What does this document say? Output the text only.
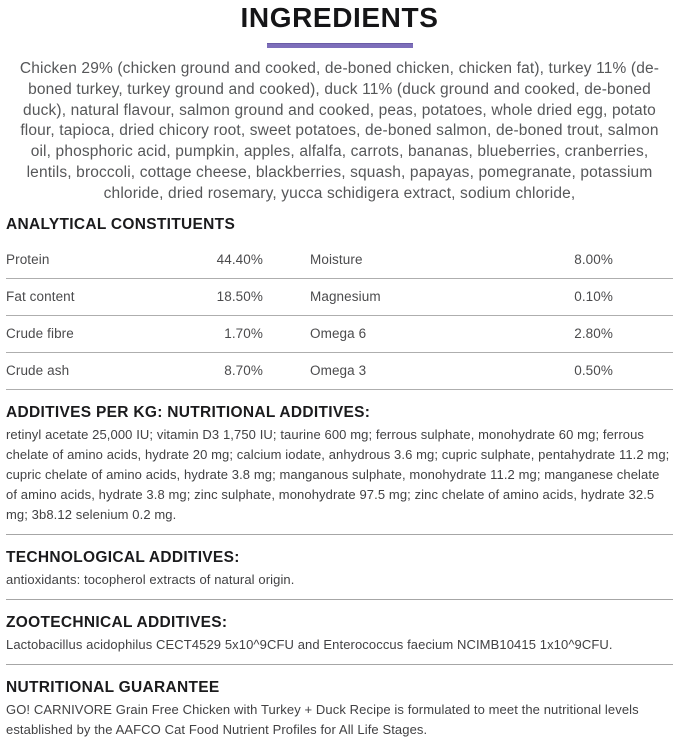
INGREDIENTS

Chicken 29% (chicken ground and cooked, de-boned chicken, chicken fat), turkey 11% (de-boned turkey, turkey ground and cooked), duck 11% (duck ground and cooked, de-boned duck), natural flavour, salmon ground and cooked, peas, potatoes, whole dried egg, potato flour, tapioca, dried chicory root, sweet potatoes, de-boned salmon, de-boned trout, salmon oil, phosphoric acid, pumpkin, apples, alfalfa, carrots, bananas, blueberries, cranberries, lentils, broccoli, cottage cheese, blackberries, squash, papayas, pomegranate, potassium chloride, dried rosemary, yucca schidigera extract, sodium chloride,

ANALYTICAL CONSTITUENTS
Protein	44.40%	Moisture	8.00%
Fat content	18.50%	Magnesium	0.10%
Crude fibre	1.70%	Omega 6	2.80%
Crude ash	8.70%	Omega 3	0.50%
ADDITIVES PER KG: NUTRITIONAL ADDITIVES:

retinyl acetate 25,000 IU; vitamin D3 1,750 IU; taurine 600 mg; ferrous sulphate, monohydrate 60 mg; ferrous chelate of amino acids, hydrate 20 mg; calcium iodate, anhydrous 3.6 mg; cupric sulphate, pentahydrate 11.2 mg; cupric chelate of amino acids, hydrate 3.8 mg; manganous sulphate, monohydrate 11.2 mg; manganese chelate of amino acids, hydrate 3.8 mg; zinc sulphate, monohydrate 97.5 mg; zinc chelate of amino acids, hydrate 32.5 mg; 3b8.12 selenium 0.2 mg.

TECHNOLOGICAL ADDITIVES:

antioxidants: tocopherol extracts of natural origin.

ZOOTECHNICAL ADDITIVES:

Lactobacillus acidophilus CECT4529 5x10^9CFU and Enterococcus faecium NCIMB10415 1x10^9CFU.

NUTRITIONAL GUARANTEE

GO! CARNIVORE Grain Free Chicken with Turkey + Duck Recipe is formulated to meet the nutritional levels established by the AAFCO Cat Food Nutrient Profiles for All Life Stages.
